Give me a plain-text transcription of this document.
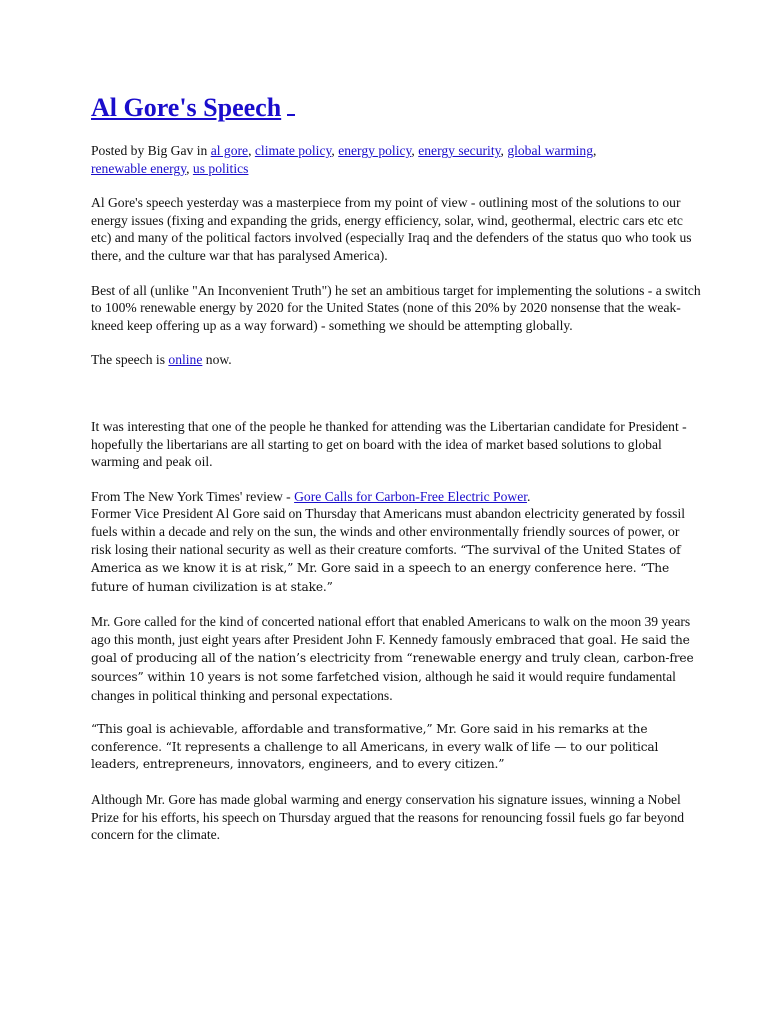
Al Gore's Speech

Posted by Big Gav in al gore, climate policy, energy policy, energy security, global warming,
renewable energy, us politics

Al Gore's speech yesterday was a masterpiece from my point of view - outlining most of the solutions to our energy issues (fixing and expanding the grids, energy efficiency, solar, wind, geothermal, electric cars etc etc etc) and many of the political factors involved (especially Iraq and the defenders of the status quo who took us there, and the culture war that has paralysed America).

Best of all (unlike "An Inconvenient Truth") he set an ambitious target for implementing the solutions - a switch to 100% renewable energy by 2020 for the United States (none of this 20% by 2020 nonsense that the weak-kneed keep offering up as a way forward) - something we should be attempting globally.

The speech is online now.

It was interesting that one of the people he thanked for attending was the Libertarian candidate for President - hopefully the libertarians are all starting to get on board with the idea of market based solutions to global warming and peak oil.

From The New York Times' review - Gore Calls for Carbon-Free Electric Power.

Former Vice President Al Gore said on Thursday that Americans must abandon electricity generated by fossil fuels within a decade and rely on the sun, the winds and other environmentally friendly sources of power, or risk losing their national security as well as their creature comforts. “The survival of the United States of America as we know it is at risk,” Mr. Gore said in a speech to an energy conference here. “The future of human civilization is at stake.”

Mr. Gore called for the kind of concerted national effort that enabled Americans to walk on the moon 39 years ago this month, just eight years after President John F. Kennedy famously embraced that goal. He said the goal of producing all of the nation’s electricity from “renewable energy and truly clean, carbon-free sources” within 10 years is not some farfetched vision, although he said it would require fundamental changes in political thinking and personal expectations.

“This goal is achievable, affordable and transformative,” Mr. Gore said in his remarks at the conference. “It represents a challenge to all Americans, in every walk of life — to our political leaders, entrepreneurs, innovators, engineers, and to every citizen.”

Although Mr. Gore has made global warming and energy conservation his signature issues, winning a Nobel Prize for his efforts, his speech on Thursday argued that the reasons for renouncing fossil fuels go far beyond concern for the climate.
